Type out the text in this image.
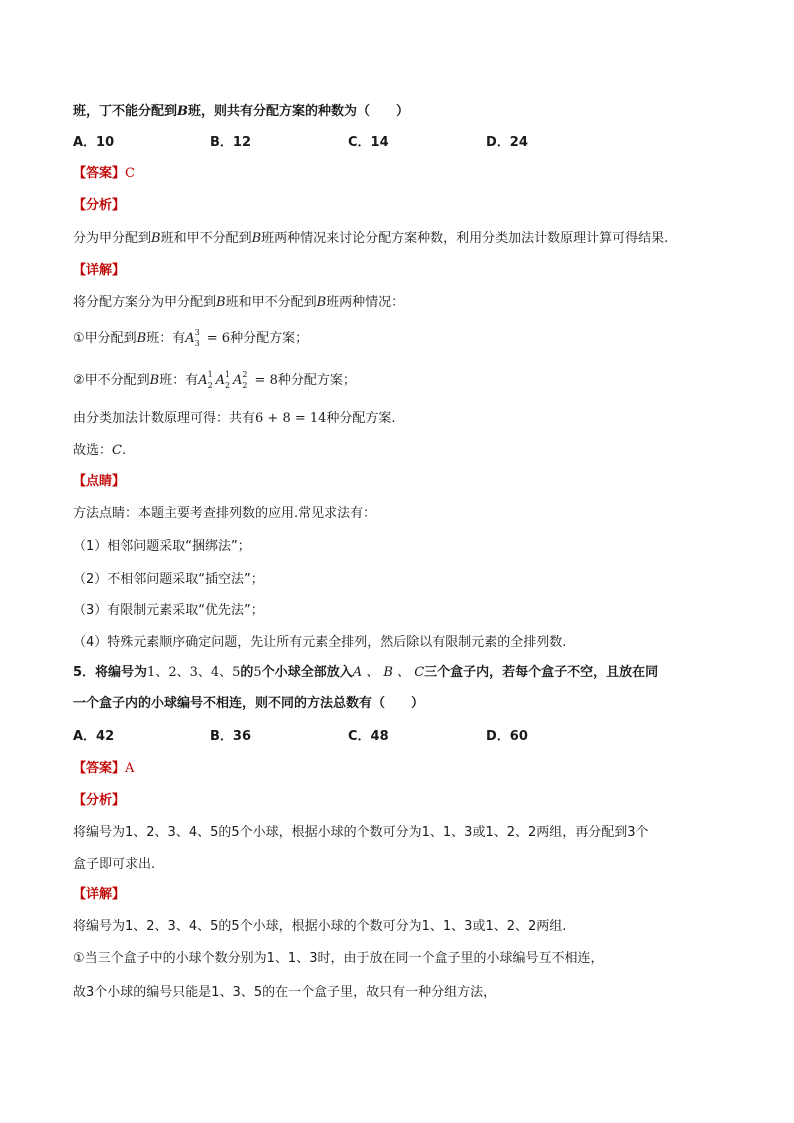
班，丁不能分配到B班，则共有分配方案的种数为（　　）
A．10	B．12	C．14	D．24
【答案】C
【分析】
分为甲分配到B班和甲不分配到B班两种情况来讨论分配方案种数，利用分类加法计数原理计算可得结果.
【详解】
将分配方案分为甲分配到B班和甲不分配到B班两种情况：
①甲分配到B班：有A 3
3 = 6种分配方案；
②甲不分配到B班：有A 1
2 A 1
2 A 2
2 = 8种分配方案；
由分类加法计数原理可得：共有6 + 8 = 14种分配方案.
故选：C.
【点睛】
方法点睛：本题主要考查排列数的应用.常见求法有：
（1）相邻问题采取“捆绑法”；
（2）不相邻问题采取“插空法”；
（3）有限制元素采取“优先法”；
（4）特殊元素顺序确定问题，先让所有元素全排列，然后除以有限制元素的全排列数.
5．将编号为1、2、3、4、5的5个小球全部放入A 、 B 、 C三个盒子内，若每个盒子不空，且放在同
一个盒子内的小球编号不相连，则不同的方法总数有（　　）
A．42	B．36	C．48	D．60
【答案】A
【分析】
将编号为1、2、3、4、5的5个小球，根据小球的个数可分为1、1、3或1、2、2两组，再分配到3个
盒子即可求出.
【详解】
将编号为1、2、3、4、5的5个小球，根据小球的个数可分为1、1、3或1、2、2两组.
①当三个盒子中的小球个数分别为1、1、3时，由于放在同一个盒子里的小球编号互不相连，
故3个小球的编号只能是1、3、5的在一个盒子里，故只有一种分组方法，
